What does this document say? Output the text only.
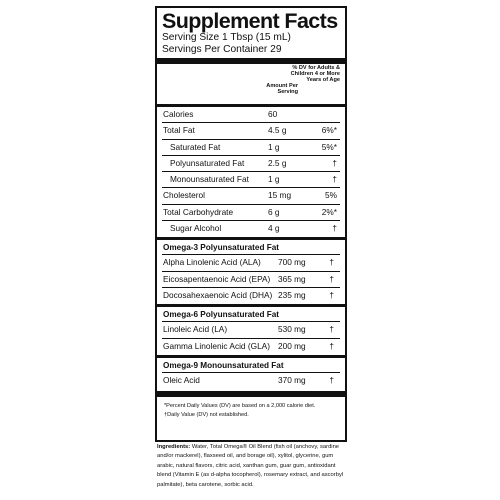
Supplement Facts
Serving Size 1 Tbsp (15 mL)
Servings Per Container 29
Amount Per Serving
% DV for Adults & Children 4 or More Years of Age
Calories	60
Total Fat	4.5 g	6%*
Saturated Fat	1 g	5%*
Polyunsaturated Fat	2.5 g	†
Monounsaturated Fat 1 g	†
Cholesterol	15 mg	5%
Total Carbohydrate	6 g	2%*
Sugar Alcohol	4 g	†
Omega-3 Polyunsaturated Fat
Alpha Linolenic Acid (ALA) 700 mg	†
Eicosapentaenoic Acid (EPA) 365 mg	†
Docosahexaenoic Acid (DHA) 235 mg	†
Omega-6 Polyunsaturated Fat
Linoleic Acid (LA)	530 mg	†
Gamma Linolenic Acid (GLA) 200 mg	†
Omega-9 Monounsaturated Fat
Oleic Acid	370 mg	†
*Percent Daily Values (DV) are based on a 2,000 calorie diet.
†Daily Value (DV) not established.
Ingredients: Water, Total Omega® Oil Blend (fish oil (anchovy, sardine and/or mackerel), flaxseed oil, and borage oil), xylitol, glycerine, gum arabic, natural flavors, citric acid, xanthan gum, guar gum, antioxidant blend (Vitamin E (as d-alpha tocopherol), rosemary extract, and ascorbyl palmitate), beta carotene, sorbic acid.
